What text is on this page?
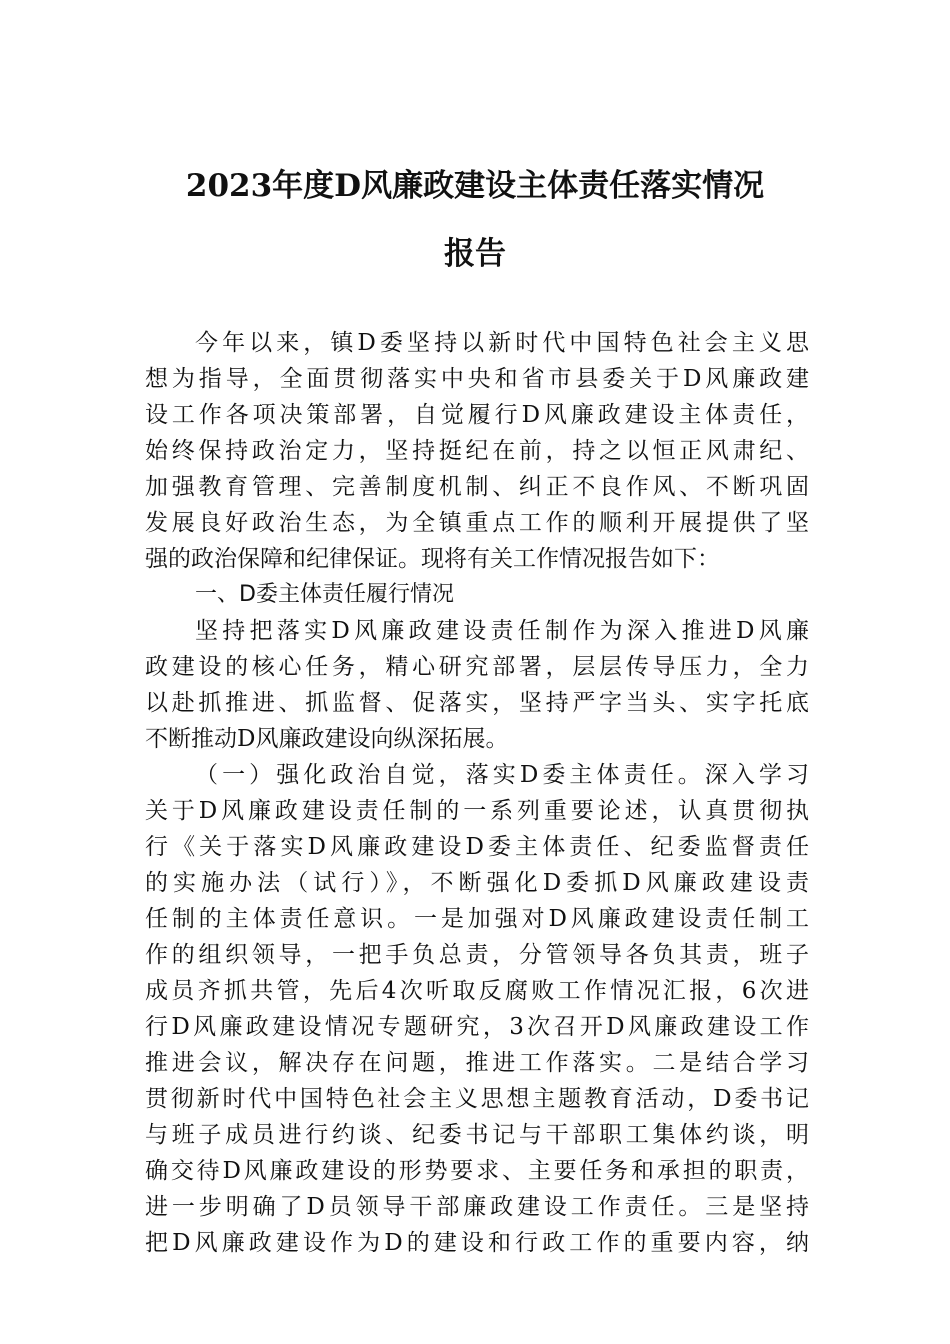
2023年度D风廉政建设主体责任落实情况
报告
今年以来，镇D委坚持以新时代中国特色社会主义思
想为指导，全面贯彻落实中央和省市县委关于D风廉政建
设工作各项决策部署，自觉履行D风廉政建设主体责任，
始终保持政治定力，坚持挺纪在前，持之以恒正风肃纪、
加强教育管理、完善制度机制、纠正不良作风、不断巩固
发展良好政治生态，为全镇重点工作的顺利开展提供了坚
强的政治保障和纪律保证。现将有关工作情况报告如下：
一、D委主体责任履行情况
坚持把落实D风廉政建设责任制作为深入推进D风廉
政建设的核心任务，精心研究部署，层层传导压力，全力
以赴抓推进、抓监督、促落实，坚持严字当头、实字托底
不断推动D风廉政建设向纵深拓展。
（一）强化政治自觉，落实D委主体责任。深入学习
关于D风廉政建设责任制的一系列重要论述，认真贯彻执
行《关于落实D风廉政建设D委主体责任、纪委监督责任
的实施办法（试行）》，不断强化D委抓D风廉政建设责
任制的主体责任意识。一是加强对D风廉政建设责任制工
作的组织领导，一把手负总责，分管领导各负其责，班子
成员齐抓共管，先后4次听取反腐败工作情况汇报，6次进
行D风廉政建设情况专题研究，3次召开D风廉政建设工作
推进会议，解决存在问题，推进工作落实。二是结合学习
贯彻新时代中国特色社会主义思想主题教育活动，D委书记
与班子成员进行约谈、纪委书记与干部职工集体约谈，明
确交待D风廉政建设的形势要求、主要任务和承担的职责，
进一步明确了D员领导干部廉政建设工作责任。三是坚持
把D风廉政建设作为D的建设和行政工作的重要内容，纳
